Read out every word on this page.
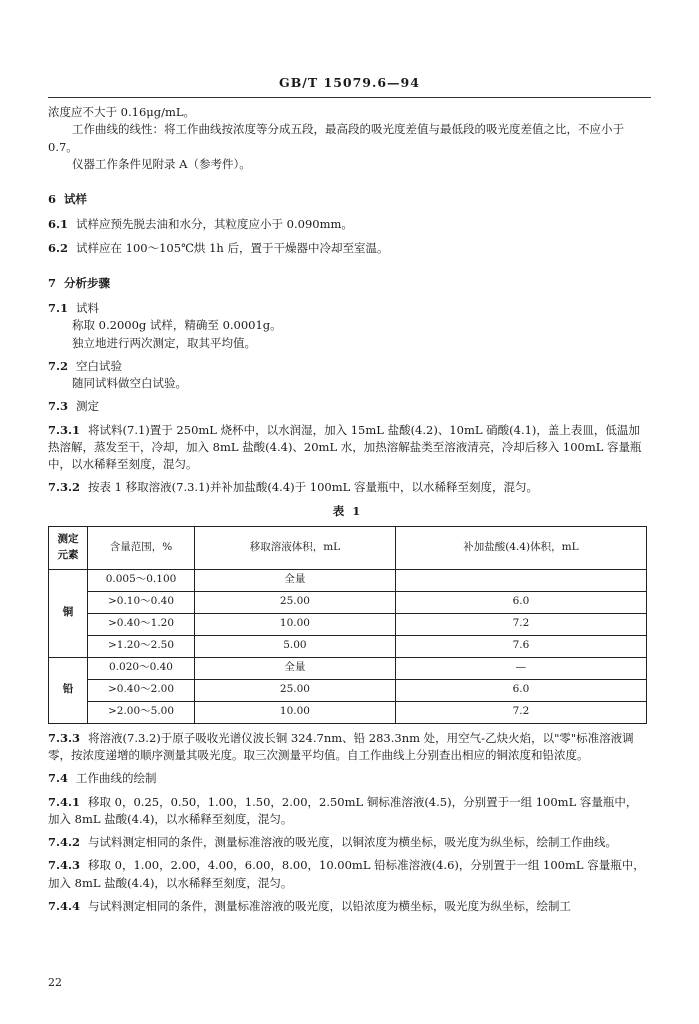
GB/T 15079.6—94

浓度应不大于 0.16μg/mL。

工作曲线的线性：将工作曲线按浓度等分成五段，最高段的吸光度差值与最低段的吸光度差值之比，不应小于 0.7。

仪器工作条件见附录 A（参考件）。

6 试样

6.1 试样应预先脱去油和水分，其粒度应小于 0.090mm。

6.2 试样应在 100～105℃烘 1h 后，置于干燥器中冷却至室温。

7 分析步骤

7.1 试料

称取 0.2000g 试样，精确至 0.0001g。

独立地进行两次测定，取其平均值。

7.2 空白试验

随同试料做空白试验。

7.3 测定

7.3.1 将试料(7.1)置于 250mL 烧杯中，以水润湿，加入 15mL 盐酸(4.2)、10mL 硝酸(4.1)，盖上表皿，低温加热溶解，蒸发至干，冷却，加入 8mL 盐酸(4.4)、20mL 水，加热溶解盐类至溶液清亮，冷却后移入 100mL 容量瓶中，以水稀释至刻度，混匀。

7.3.2 按表 1 移取溶液(7.3.1)并补加盐酸(4.4)于 100mL 容量瓶中，以水稀释至刻度，混匀。

表 1
测定元素	含量范围，%	移取溶液体积，mL	补加盐酸(4.4)体积，mL
铜	0.005～0.100	全量	
	>0.10～0.40	25.00	6.0
	>0.40～1.20	10.00	7.2
	>1.20～2.50	5.00	7.6
铅	0.020～0.40	全量	—
	>0.40～2.00	25.00	6.0
	>2.00～5.00	10.00	7.2

7.3.3 将溶液(7.3.2)于原子吸收光谱仪波长铜 324.7nm、铅 283.3nm 处，用空气-乙炔火焰，以"零"标准溶液调零，按浓度递增的顺序测量其吸光度。取三次测量平均值。自工作曲线上分别查出相应的铜浓度和铅浓度。

7.4 工作曲线的绘制

7.4.1 移取 0，0.25，0.50，1.00，1.50，2.00，2.50mL 铜标准溶液(4.5)，分别置于一组 100mL 容量瓶中，加入 8mL 盐酸(4.4)，以水稀释至刻度，混匀。

7.4.2 与试料测定相同的条件，测量标准溶液的吸光度，以铜浓度为横坐标，吸光度为纵坐标，绘制工作曲线。

7.4.3 移取 0，1.00，2.00，4.00，6.00，8.00，10.00mL 铅标准溶液(4.6)，分别置于一组 100mL 容量瓶中，加入 8mL 盐酸(4.4)，以水稀释至刻度，混匀。

7.4.4 与试料测定相同的条件，测量标准溶液的吸光度，以铅浓度为横坐标，吸光度为纵坐标，绘制工

22
